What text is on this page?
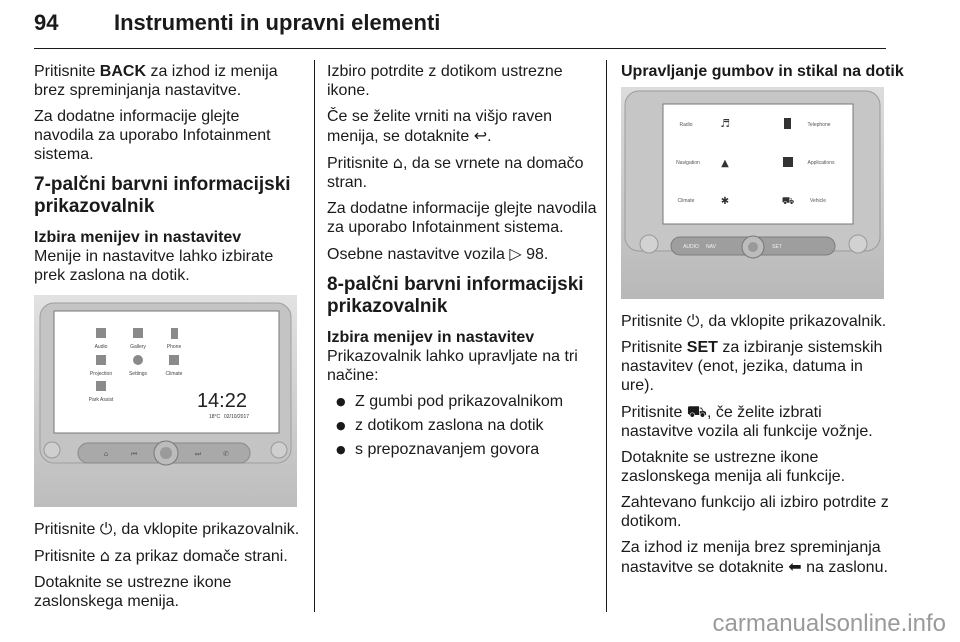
94	Instrumenti in upravni elementi

Pritisnite BACK za izhod iz menija brez spreminjanja nastavitve.

Za dodatne informacije glejte navodila za uporabo Infotainment sistema.

7-palčni barvni informacijski prikazovalnik
Izbira menijev in nastavitev

Menije in nastavitve lahko izbirate prek zaslona na dotik.

Audio	Gallery	Phone
Projection	Settings	Climate
Park Assist	14:22
18°C 02/10/2017
⌂	⏮	⏭	✆

Pritisnite ⏻, da vklopite prikazovalnik.

Pritisnite ⌂ za prikaz domače strani.

Dotaknite se ustrezne ikone zaslonskega menija.

Izbiro potrdite z dotikom ustrezne ikone.

Če se želite vrniti na višjo raven menija, se dotaknite ↩.

Pritisnite ⌂, da se vrnete na domačo stran.

Za dodatne informacije glejte navodila za uporabo Infotainment sistema.

Osebne nastavitve vozila ▷ 98.

8-palčni barvni informacijski prikazovalnik
Izbira menijev in nastavitev

Prikazovalnik lahko upravljate na tri načine:

● Z gumbi pod prikazovalnikom
● z dotikom zaslona na dotik
● s prepoznavanjem govora
Upravljanje gumbov in stikal na dotik
Radio	♬	Telephone
Navigation ▲	Applications
Climate	✱	⛟	Vehicle
AUDIO NAV	SET

Pritisnite ⏻, da vklopite prikazovalnik.

Pritisnite SET za izbiranje sistemskih nastavitev (enot, jezika, datuma in ure).

Pritisnite ⛟, če želite izbrati nastavitve vozila ali funkcije vožnje.

Dotaknite se ustrezne ikone zaslonskega menija ali funkcije.

Zahtevano funkcijo ali izbiro potrdite z dotikom.

Za izhod iz menija brez spreminjanja nastavitve se dotaknite ⬅ na zaslonu.

carmanualsonline.info
